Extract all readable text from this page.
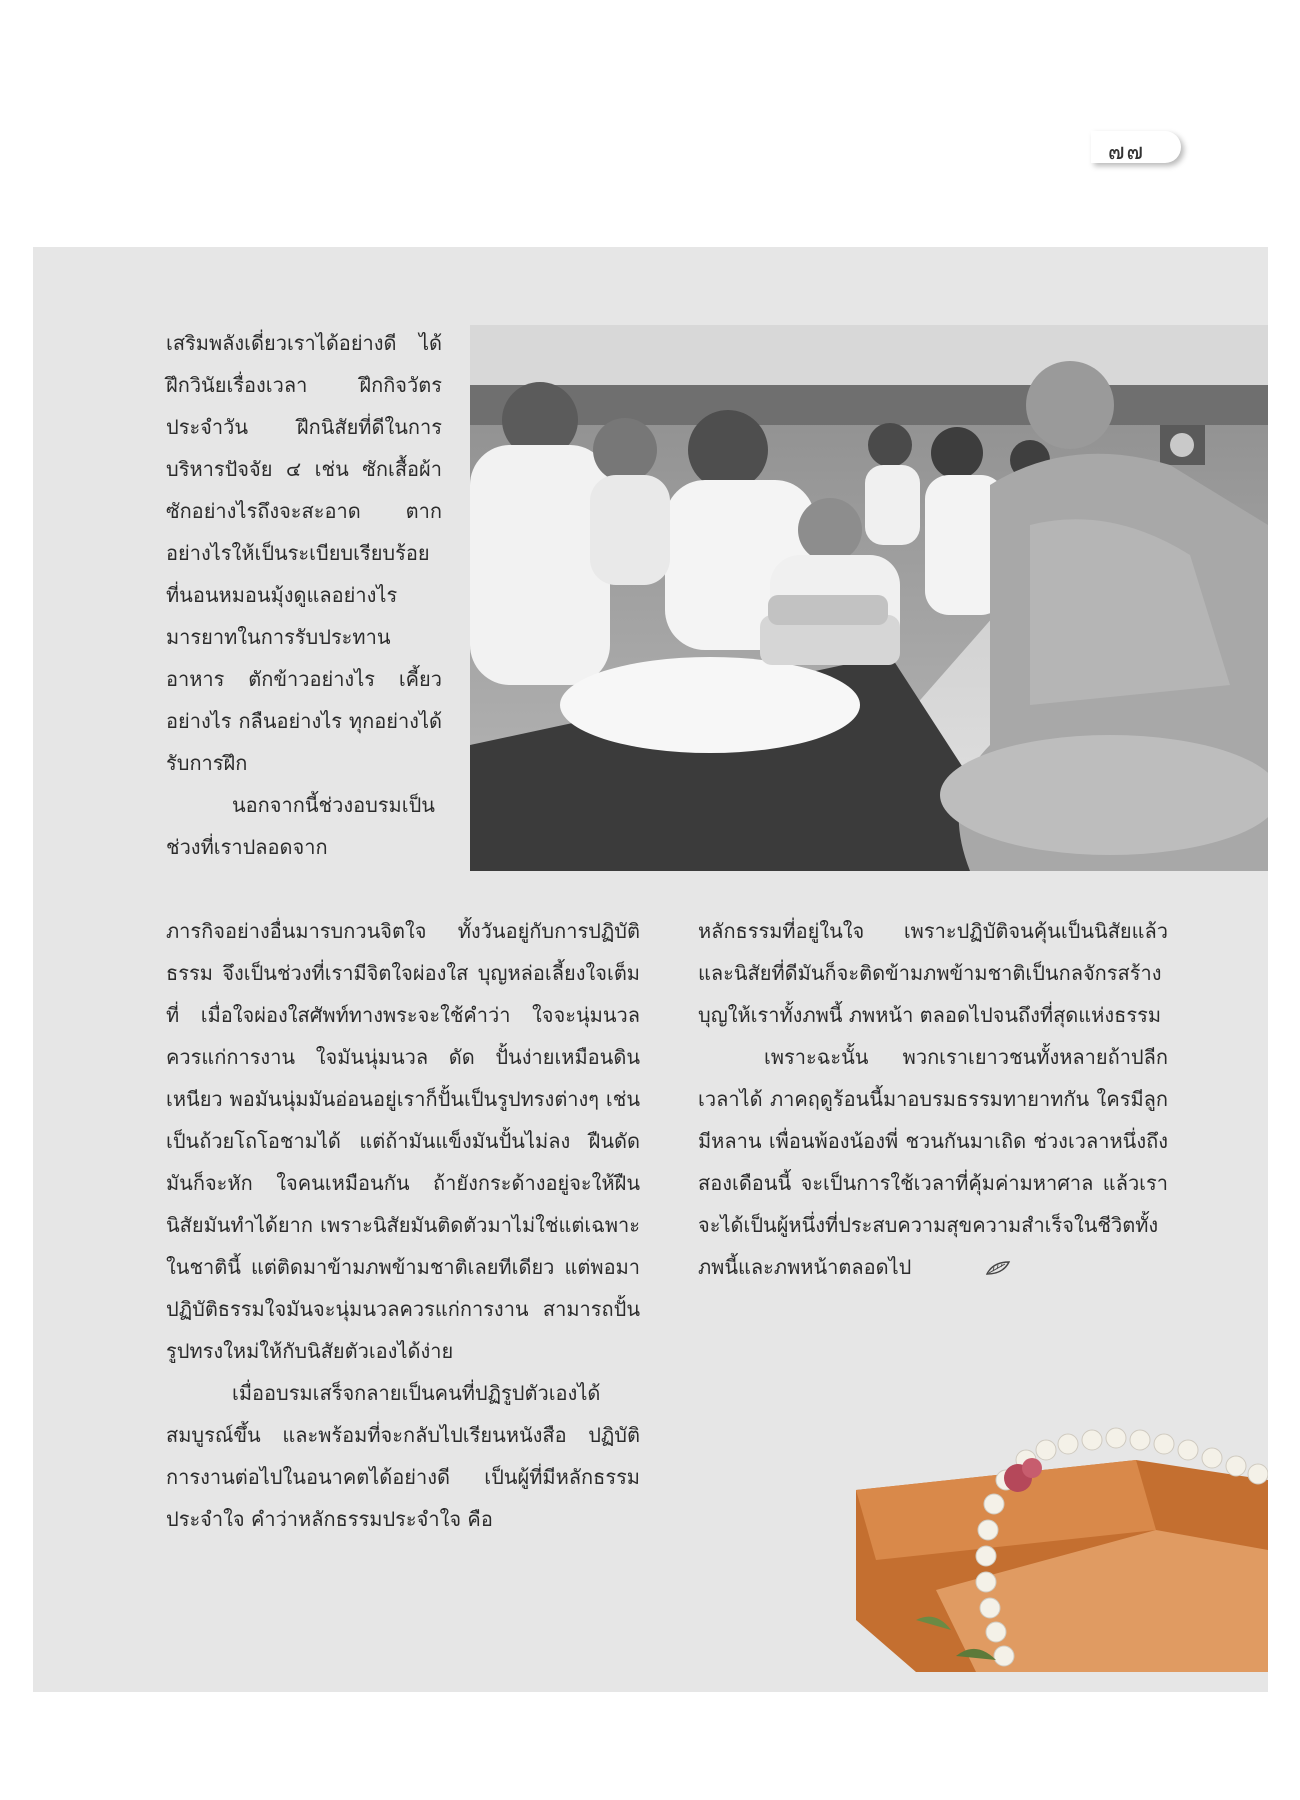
๗๗

เสริมพลังเดี่ยวเราได้อย่างดี ได้ฝึกวินัยเรื่องเวลา ฝึกกิจวัตรประจำวัน ฝึกนิสัยที่ดีในการบริหารปัจจัย ๔ เช่น ซักเสื้อผ้า ซักอย่างไรถึงจะสะอาด ตากอย่างไรให้เป็นระเบียบเรียบร้อย ที่นอนหมอนมุ้งดูแลอย่างไร มารยาทในการรับประทานอาหาร ตักข้าวอย่างไร เคี้ยวอย่างไร กลืนอย่างไร ทุกอย่างได้รับการฝึก

นอกจากนี้ช่วงอบรมเป็นช่วงที่เราปลอดจาก

ภารกิจอย่างอื่นมารบกวนจิตใจ ทั้งวันอยู่กับการปฏิบัติธรรม จึงเป็นช่วงที่เรามีจิตใจผ่องใส บุญหล่อเลี้ยงใจเต็มที่ เมื่อใจผ่องใสศัพท์ทางพระจะใช้คำว่า ใจจะนุ่มนวลควรแก่การงาน ใจมันนุ่มนวล ดัด ปั้นง่ายเหมือนดินเหนียว พอมันนุ่มมันอ่อนอยู่เราก็ปั้นเป็นรูปทรงต่างๆ เช่น เป็นถ้วยโถโอชามได้ แต่ถ้ามันแข็งมันปั้นไม่ลง ฝืนดัดมันก็จะหัก ใจคนเหมือนกัน ถ้ายังกระด้างอยู่จะให้ฝืนนิสัยมันทำได้ยาก เพราะนิสัยมันติดตัวมาไม่ใช่แต่เฉพาะในชาตินี้ แต่ติดมาข้ามภพข้ามชาติเลยทีเดียว แต่พอมาปฏิบัติธรรมใจมันจะนุ่มนวลควรแก่การงาน สามารถปั้นรูปทรงใหม่ให้กับนิสัยตัวเองได้ง่าย

เมื่ออบรมเสร็จกลายเป็นคนที่ปฏิรูปตัวเองได้สมบูรณ์ขึ้น และพร้อมที่จะกลับไปเรียนหนังสือ ปฏิบัติการงานต่อไปในอนาคตได้อย่างดี เป็นผู้ที่มีหลักธรรมประจำใจ คำว่าหลักธรรมประจำใจ คือ

หลักธรรมที่อยู่ในใจ เพราะปฏิบัติจนคุ้นเป็นนิสัยแล้ว และนิสัยที่ดีมันก็จะติดข้ามภพข้ามชาติเป็นกลจักรสร้างบุญให้เราทั้งภพนี้ ภพหน้า ตลอดไปจนถึงที่สุดแห่งธรรม

เพราะฉะนั้น พวกเราเยาวชนทั้งหลายถ้าปลีกเวลาได้ ภาคฤดูร้อนนี้มาอบรมธรรมทายาทกัน ใครมีลูกมีหลาน เพื่อนพ้องน้องพี่ ชวนกันมาเถิด ช่วงเวลาหนึ่งถึงสองเดือนนี้ จะเป็นการใช้เวลาที่คุ้มค่ามหาศาล แล้วเราจะได้เป็นผู้หนึ่งที่ประสบความสุขความสำเร็จในชีวิตทั้งภพนี้และภพหน้าตลอดไป
